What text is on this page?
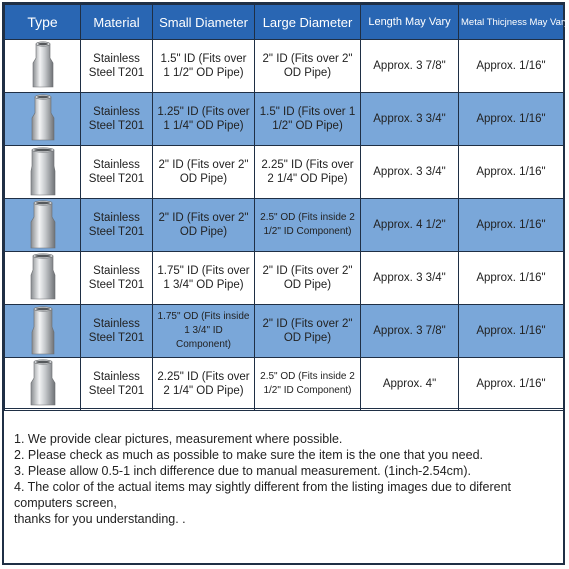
Type	Material	Small Diameter	Large Diameter	Length May Vary	Metal Thicjness May Vary

	Stainless Steel T201	1.5" ID (Fits over 1 1/2" OD Pipe)	2" ID (Fits over 2" OD Pipe)	Approx. 3 7/8"	Approx. 1/16"

	Stainless Steel T201	1.25" ID (Fits over 1 1/4" OD Pipe)	1.5" ID (Fits over 1 1/2" OD Pipe)	Approx. 3 3/4"	Approx. 1/16"

	Stainless Steel T201	2" ID (Fits over 2" OD Pipe)	2.25" ID (Fits over 2 1/4" OD Pipe)	Approx. 3 3/4"	Approx. 1/16"

	Stainless Steel T201	2" ID (Fits over 2" OD Pipe)	2.5" OD (Fits inside 2 1/2" ID Component)	Approx. 4 1/2"	Approx. 1/16"

	Stainless Steel T201	1.75" ID (Fits over 1 3/4" OD Pipe)	2" ID (Fits over 2" OD Pipe)	Approx. 3 3/4"	Approx. 1/16"

	Stainless Steel T201	1.75" OD (Fits inside 1 3/4" ID Component)	2" ID (Fits over 2" OD Pipe)	Approx. 3 7/8"	Approx. 1/16"

	Stainless Steel T201	2.25" ID (Fits over 2 1/4" OD Pipe)	2.5" OD (Fits inside 2 1/2" ID Component)	Approx. 4"	Approx. 1/16"

1. We provide clear pictures, measurement where possible.

2. Please check as much as possible to make sure the item is the one that you need.

3. Please allow 0.5-1 inch difference due to manual measurement. (1inch-2.54cm).

4. The color of the actual items may sightly different from the listing images due to diferent computers screen,

thanks for you understanding. .
